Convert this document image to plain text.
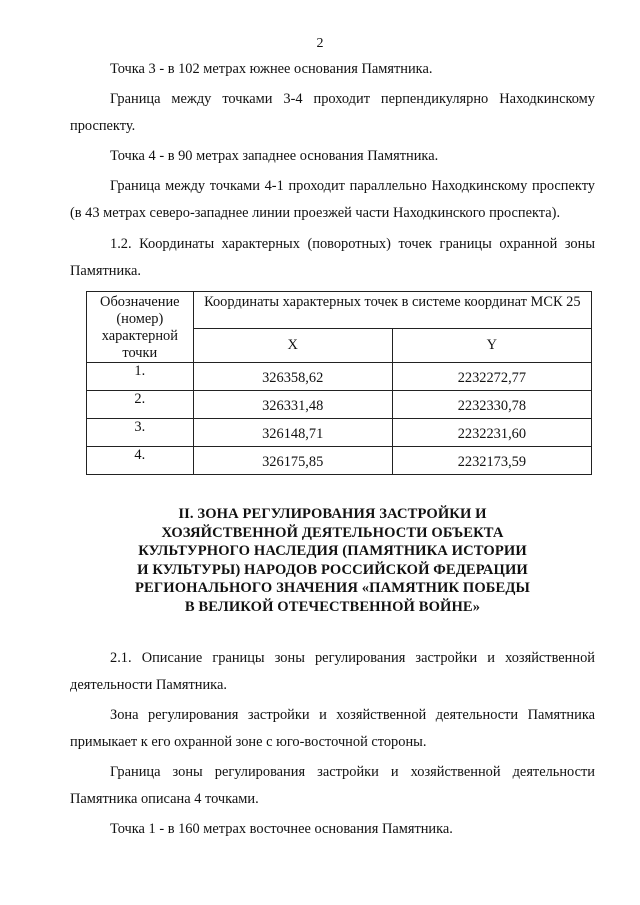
2

Точка 3 - в 102 метрах южнее основания Памятника.

Граница между точками 3-4 проходит перпендикулярно Находкинскому проспекту.

Точка 4 - в 90 метрах западнее основания Памятника.

Граница между точками 4-1 проходит параллельно Находкинскому проспекту (в 43 метрах северо-западнее линии проезжей части Находкинского проспекта).

1.2. Координаты характерных (поворотных) точек границы охранной зоны Памятника.

Обозначение (номер) характерной точки	Координаты характерных точек в системе координат МСК 25	
	X	Y
1.	326358,62	2232272,77
2.	326331,48	2232330,78
3.	326148,71	2232231,60
4.	326175,85	2232173,59
II. ЗОНА РЕГУЛИРОВАНИЯ ЗАСТРОЙКИ И
ХОЗЯЙСТВЕННОЙ ДЕЯТЕЛЬНОСТИ ОБЪЕКТА
КУЛЬТУРНОГО НАСЛЕДИЯ (ПАМЯТНИКА ИСТОРИИ
И КУЛЬТУРЫ) НАРОДОВ РОССИЙСКОЙ ФЕДЕРАЦИИ
РЕГИОНАЛЬНОГО ЗНАЧЕНИЯ «ПАМЯТНИК ПОБЕДЫ
В ВЕЛИКОЙ ОТЕЧЕСТВЕННОЙ ВОЙНЕ»

2.1. Описание границы зоны регулирования застройки и хозяйственной деятельности Памятника.

Зона регулирования застройки и хозяйственной деятельности Памятника примыкает к его охранной зоне с юго-восточной стороны.

Граница зоны регулирования застройки и хозяйственной деятельности Памятника описана 4 точками.

Точка 1 - в 160 метрах восточнее основания Памятника.
